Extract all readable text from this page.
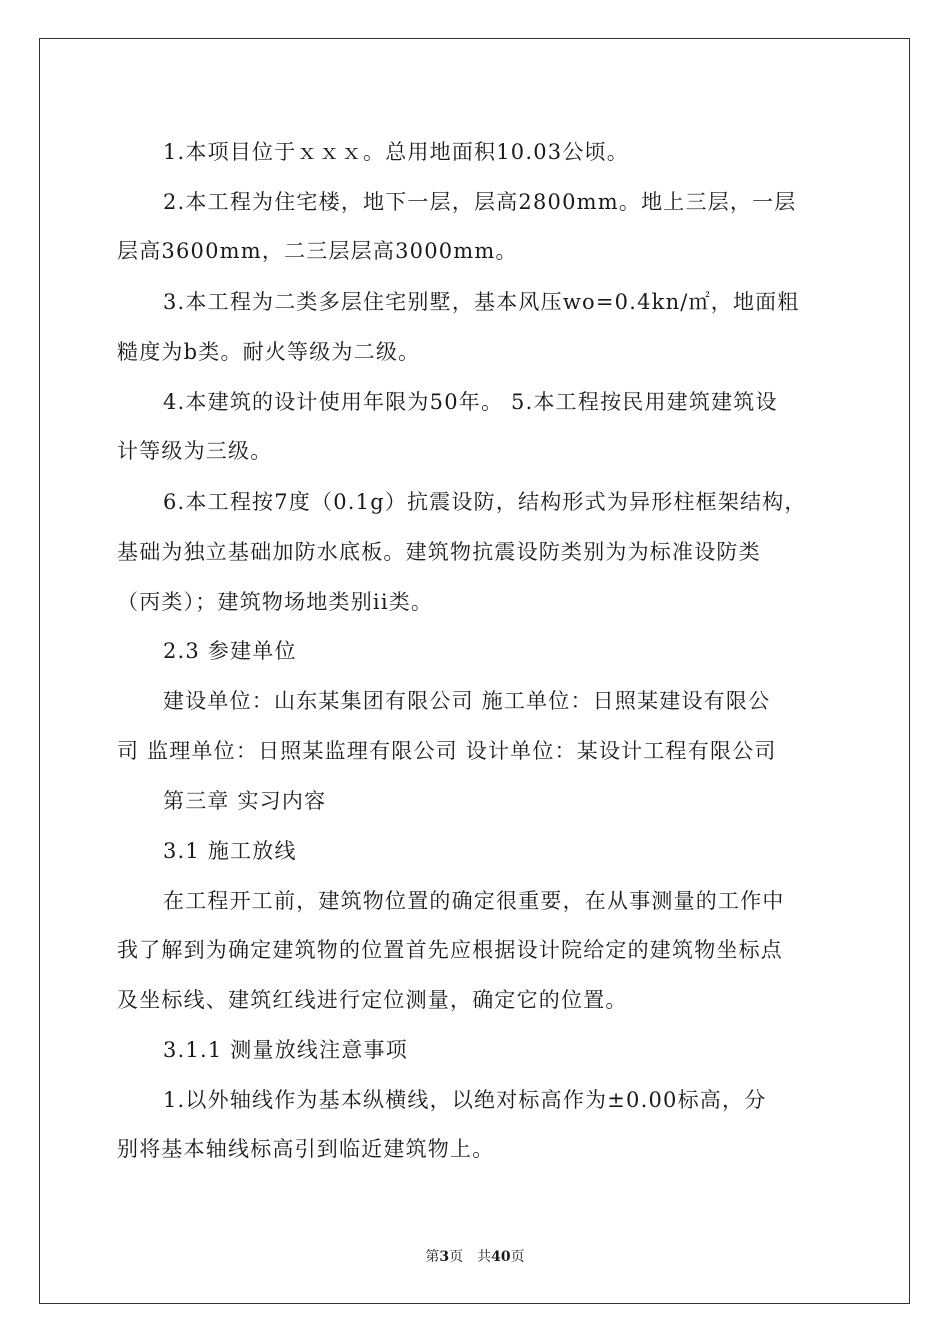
1.本项目位于ｘｘｘ。总用地面积10.03公顷。
2.本工程为住宅楼，地下一层，层高2800mm。地上三层，一层
层高3600mm，二三层层高3000mm。
3.本工程为二类多层住宅别墅，基本风压wo=0.4kn/㎡，地面粗
糙度为b类。耐火等级为二级。
4.本建筑的设计使用年限为50年。 5.本工程按民用建筑建筑设
计等级为三级。
6.本工程按7度（0.1g）抗震设防，结构形式为异形柱框架结构，
基础为独立基础加防水底板。建筑物抗震设防类别为为标准设防类
（丙类）；建筑物场地类别ii类。
2.3 参建单位
建设单位：山东某集团有限公司 施工单位：日照某建设有限公
司 监理单位：日照某监理有限公司 设计单位：某设计工程有限公司
第三章 实习内容
3.1 施工放线
在工程开工前，建筑物位置的确定很重要，在从事测量的工作中
我了解到为确定建筑物的位置首先应根据设计院给定的建筑物坐标点
及坐标线、建筑红线进行定位测量，确定它的位置。
3.1.1 测量放线注意事项
1.以外轴线作为基本纵横线，以绝对标高作为±0.00标高，分
别将基本轴线标高引到临近建筑物上。
第3页　共40页
